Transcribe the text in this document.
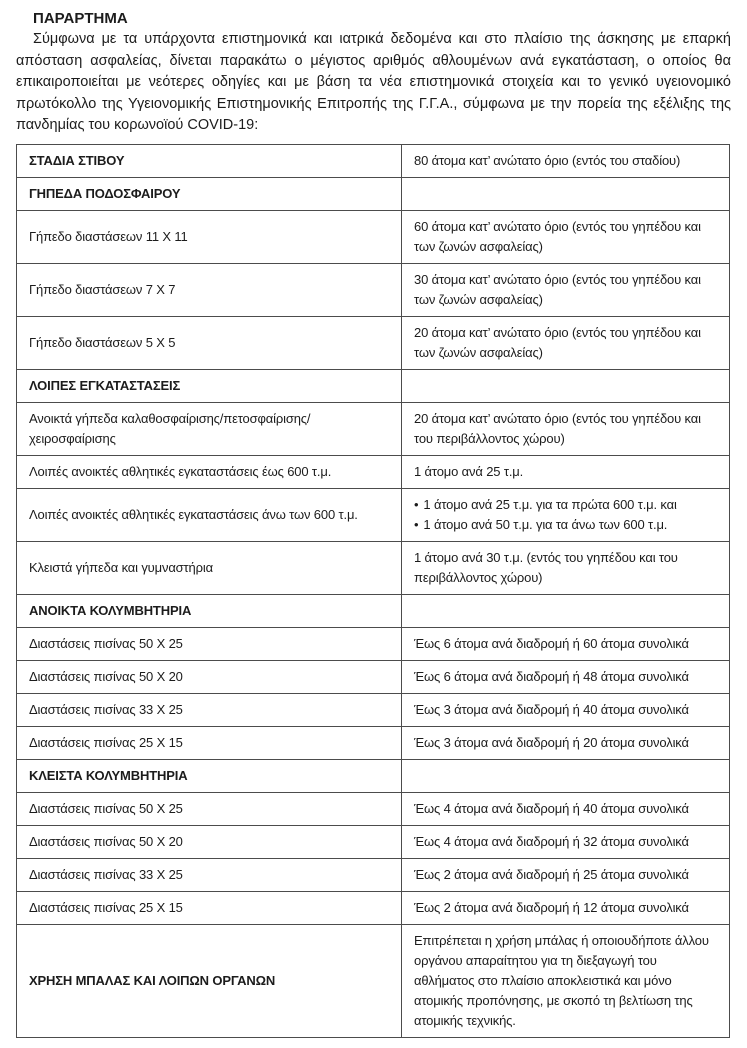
ΠΑΡΑΡΤΗΜΑ

Σύμφωνα με τα υπάρχοντα επιστημονικά και ιατρικά δεδομένα και στο πλαίσιο της άσκησης με επαρκή απόσταση ασφαλείας, δίνεται παρακάτω ο μέγιστος αριθμός αθλουμένων ανά εγκατάσταση, ο οποίος θα επικαιροποιείται με νεότερες οδηγίες και με βάση τα νέα επιστημονικά στοιχεία και το γενικό υγειονομικό πρωτόκολλο της Υγειονομικής Επιστημονικής Επιτροπής της Γ.Γ.Α., σύμφωνα με την πορεία της εξέλιξης της πανδημίας του κορωνοϊού COVID-19:

ΣΤΑΔΙΑ ΣΤΙΒΟΥ	80 άτομα κατ’ ανώτατο όριο (εντός του σταδίου)
ΓΗΠΕΔΑ ΠΟΔΟΣΦΑΙΡΟΥ	
Γήπεδο διαστάσεων 11 Χ 11	60 άτομα κατ’ ανώτατο όριο (εντός του γηπέδου και των ζωνών ασφαλείας)
Γήπεδο διαστάσεων 7 Χ 7	30 άτομα κατ’ ανώτατο όριο (εντός του γηπέδου και των ζωνών ασφαλείας)
Γήπεδο διαστάσεων 5 Χ 5	20 άτομα κατ’ ανώτατο όριο (εντός του γηπέδου και των ζωνών ασφαλείας)
ΛΟΙΠΕΣ ΕΓΚΑΤΑΣΤΑΣΕΙΣ	
Ανοικτά γήπεδα καλαθοσφαίρισης/πετοσφαίρισης/χειροσφαίρισης	20 άτομα κατ’ ανώτατο όριο (εντός του γηπέδου και του περιβάλλοντος χώρου)
Λοιπές ανοικτές αθλητικές εγκαταστάσεις έως 600 τ.μ.	1 άτομο ανά 25 τ.μ.
Λοιπές ανοικτές αθλητικές εγκαταστάσεις άνω των 600 τ.μ.	• 1 άτομο ανά 25 τ.μ. για τα πρώτα 600 τ.μ. και
• 1 άτομο ανά 50 τ.μ. για τα άνω των 600 τ.μ.

Κλειστά γήπεδα και γυμναστήρια	1 άτομο ανά 30 τ.μ. (εντός του γηπέδου και του περιβάλλοντος χώρου)
ΑΝΟΙΚΤΑ ΚΟΛΥΜΒΗΤΗΡΙΑ	
Διαστάσεις πισίνας 50 Χ 25	Έως 6 άτομα ανά διαδρομή ή 60 άτομα συνολικά
Διαστάσεις πισίνας 50 Χ 20	Έως 6 άτομα ανά διαδρομή ή 48 άτομα συνολικά
Διαστάσεις πισίνας 33 Χ 25	Έως 3 άτομα ανά διαδρομή ή 40 άτομα συνολικά
Διαστάσεις πισίνας 25 Χ 15	Έως 3 άτομα ανά διαδρομή ή 20 άτομα συνολικά
ΚΛΕΙΣΤΑ ΚΟΛΥΜΒΗΤΗΡΙΑ	
Διαστάσεις πισίνας 50 Χ 25	Έως 4 άτομα ανά διαδρομή ή 40 άτομα συνολικά
Διαστάσεις πισίνας 50 Χ 20	Έως 4 άτομα ανά διαδρομή ή 32 άτομα συνολικά
Διαστάσεις πισίνας 33 Χ 25	Έως 2 άτομα ανά διαδρομή ή 25 άτομα συνολικά
Διαστάσεις πισίνας 25 Χ 15	Έως 2 άτομα ανά διαδρομή ή 12 άτομα συνολικά
ΧΡΗΣΗ ΜΠΑΛΑΣ ΚΑΙ ΛΟΙΠΩΝ ΟΡΓΑΝΩΝ	Επιτρέπεται η χρήση μπάλας ή οποιουδήποτε άλλου οργάνου απαραίτητου για τη διεξαγωγή του αθλήματος στο πλαίσιο αποκλειστικά και μόνο ατομικής προπόνησης, με σκοπό τη βελτίωση της ατομικής τεχνικής.
